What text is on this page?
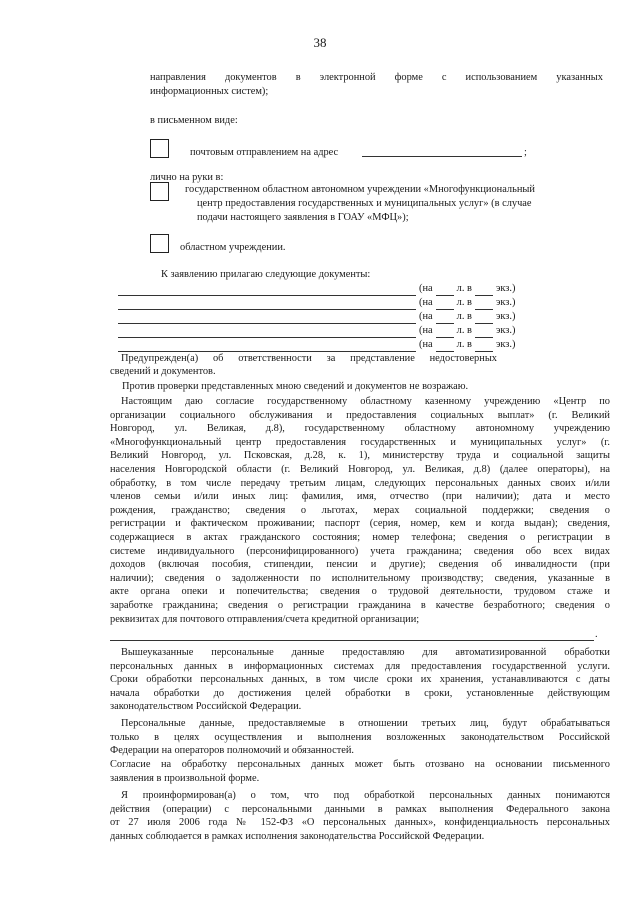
38
направления документов в электронной форме с использованием указанных
информационных систем);
в письменном виде:
почтовым отправлением на адрес	;
лично на руки в:
государственном областном автономном учреждении «Многофункциональный
центр предоставления государственных и муниципальных услуг» (в случае
подачи настоящего заявления в ГОАУ «МФЦ»);
областном учреждении.
К заявлению прилагаю следующие документы:
(на л. в экз.)
(на л. в экз.)
(на л. в экз.)
(на л. в экз.)
(на л. в экз.)
Предупрежден(а) об ответственности за представление недостоверных
сведений и документов.
Против проверки представленных мною сведений и документов не возражаю.
Настоящим даю согласие государственному областному казенному учреждению «Центр по
организации социального обслуживания и предоставления социальных выплат» (г. Великий
Новгород, ул. Великая, д.8), государственному областному автономному учреждению
«Многофункциональный центр предоставления государственных и муниципальных услуг» (г.
Великий Новгород, ул. Псковская, д.28, к. 1), министерству труда и социальной защиты
населения Новгородской области (г. Великий Новгород, ул. Великая, д.8) (далее операторы), на
обработку, в том числе передачу третьим лицам, следующих персональных данных своих и/или
членов семьи и/или иных лиц: фамилия, имя, отчество (при наличии); дата и место
рождения, гражданство; сведения о льготах, мерах социальной поддержки; сведения о
регистрации и фактическом проживании; паспорт (серия, номер, кем и когда выдан); сведения,
содержащиеся в актах гражданского состояния; номер телефона; сведения о регистрации в
системе индивидуального (персонифицированного) учета гражданина; сведения обо всех видах
доходов (включая пособия, стипендии, пенсии и другие); сведения об инвалидности (при
наличии); сведения о задолженности по исполнительному производству; сведения, указанные в
акте органа опеки и попечительства; сведения о трудовой деятельности, трудовом стаже и
заработке гражданина; сведения о регистрации гражданина в качестве безработного; сведения о
реквизитах для почтового отправления/счета кредитной организации;
.
Вышеуказанные персональные данные предоставляю для автоматизированной обработки
персональных данных в информационных системах для предоставления государственной услуги.
Сроки обработки персональных данных, в том числе сроки их хранения, устанавливаются с даты
начала обработки до достижения целей обработки в сроки, установленные действующим
законодательством Российской Федерации.
Персональные данные, предоставляемые в отношении третьих лиц, будут обрабатываться
только в целях осуществления и выполнения возложенных законодательством Российской
Федерации на операторов полномочий и обязанностей.
Согласие на обработку персональных данных может быть отозвано на основании письменного
заявления в произвольной форме.
Я проинформирован(а) о том, что под обработкой персональных данных понимаются
действия (операции) с персональными данными в рамках выполнения Федерального закона
от 27 июля 2006 года № 152-ФЗ «О персональных данных», конфиденциальность персональных
данных соблюдается в рамках исполнения законодательства Российской Федерации.
